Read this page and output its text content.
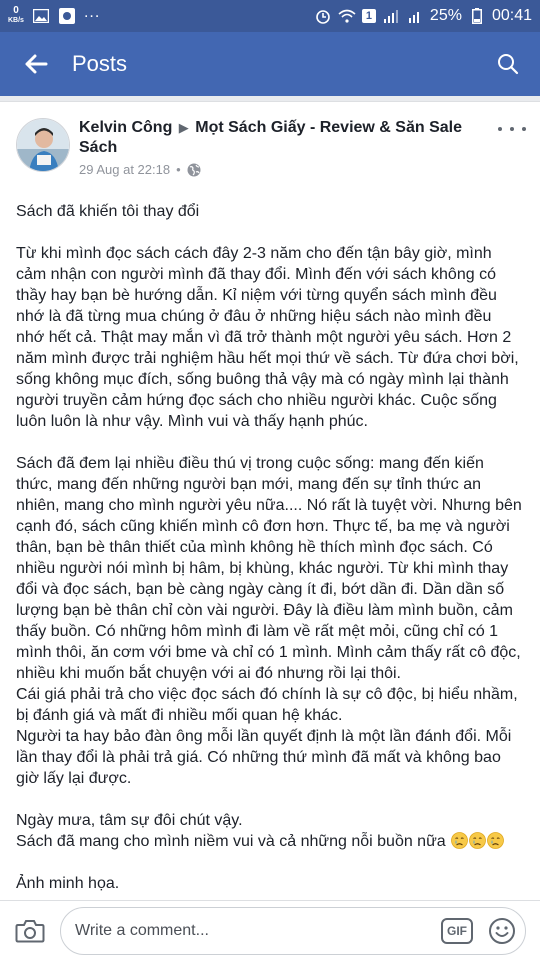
0
KB/s	...	1	25% 00:41
Posts
Kelvin Công ▶ Mọt Sách Giấy - Review & Săn Sale Sách
29 Aug at 22:18 •

Sách đã khiến tôi thay đổi

Từ khi mình đọc sách cách đây 2-3 năm cho đến tận bây giờ, mình cảm nhận con người mình đã thay đổi. Mình đến với sách không có thầy hay bạn bè hướng dẫn. Kỉ niệm với từng quyển sách mình đều nhớ là đã từng mua chúng ở đâu ở những hiệu sách nào mình đều nhớ hết cả. Thật may mắn vì đã trở thành một người yêu sách. Hơn 2 năm mình được trải nghiệm hầu hết mọi thứ về sách. Từ đứa chơi bời, sống không mục đích, sống buông thả vậy mà có ngày mình lại thành người truyền cảm hứng đọc sách cho nhiều người khác. Cuộc sống luôn luôn là như vậy. Mình vui và thấy hạnh phúc.

Sách đã đem lại nhiều điều thú vị trong cuộc sống: mang đến kiến thức, mang đến những người bạn mới, mang đến sự tỉnh thức an nhiên, mang cho mình người yêu nữa.... Nó rất là tuyệt vời. Nhưng bên cạnh đó, sách cũng khiến mình cô đơn hơn. Thực tế, ba mẹ và người thân, bạn bè thân thiết của mình không hề thích mình đọc sách. Có nhiều người nói mình bị hâm, bị khùng, khác người. Từ khi mình thay đổi và đọc sách, bạn bè càng ngày càng ít đi, bớt dần đi. Dần dần số lượng bạn bè thân chỉ còn vài người. Đây là điều làm mình buồn, cảm thấy buồn. Có những hôm mình đi làm về rất mệt mỏi, cũng chỉ có 1 mình thôi, ăn cơm với bme và chỉ có 1 mình. Mình cảm thấy rất cô độc, nhiều khi muốn bắt chuyện với ai đó nhưng rồi lại thôi.

Cái giá phải trả cho việc đọc sách đó chính là sự cô độc, bị hiểu nhầm, bị đánh giá và mất đi nhiều mối quan hệ khác.

Người ta hay bảo đàn ông mỗi lần quyết định là một lần đánh đổi. Mỗi lần thay đổi là phải trả giá. Có những thứ mình đã mất và không bao giờ lấy lại được.

Ngày mưa, tâm sự đôi chút vậy.

Sách đã mang cho mình niềm vui và cả những nỗi buồn nữa

Ảnh minh họa.

Write a comment...
GIF
